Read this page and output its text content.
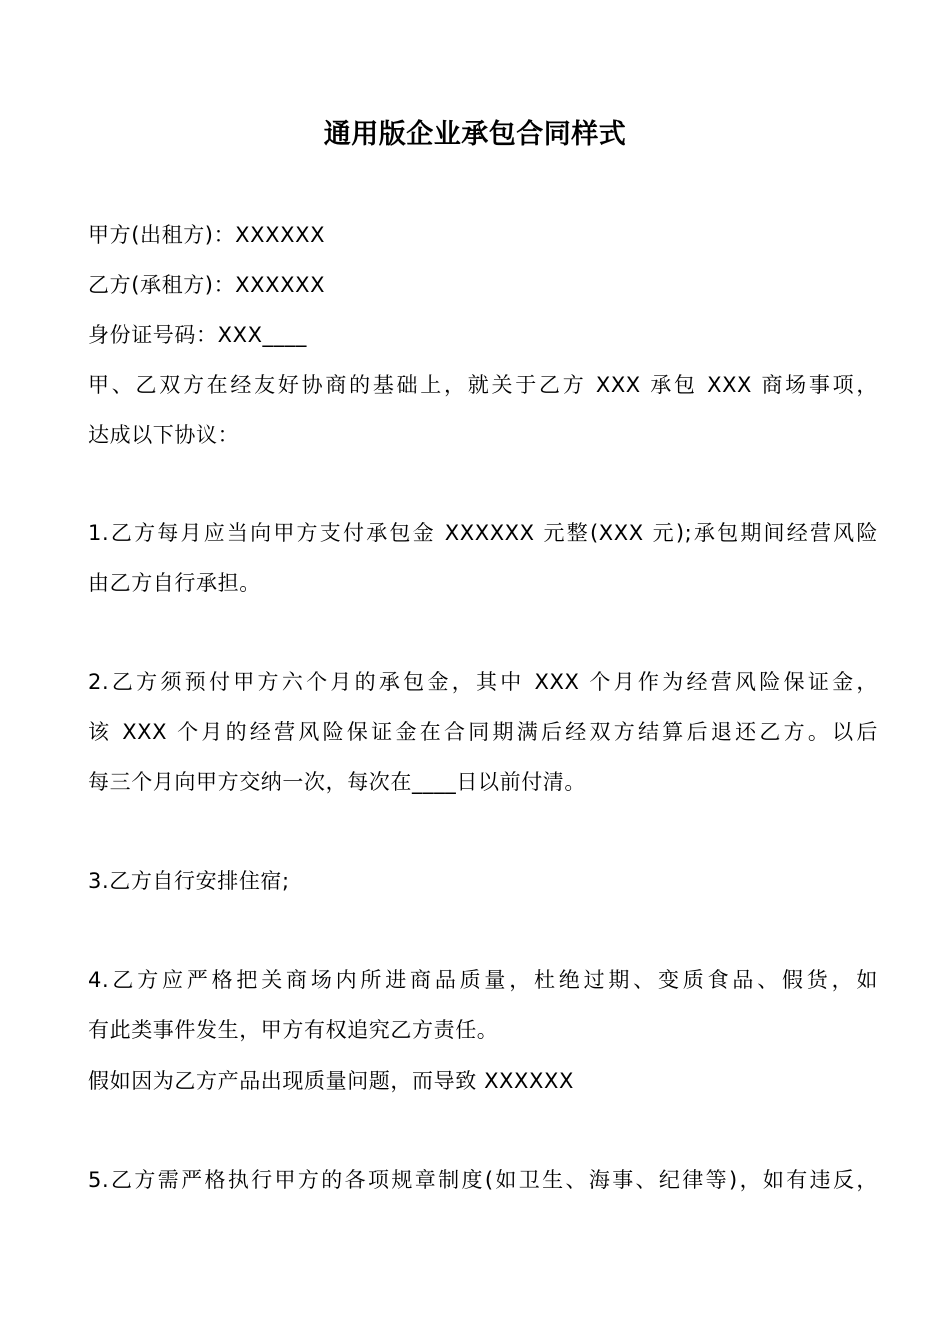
通用版企业承包合同样式
甲方(出租方)：XXXXXX
乙方(承租方)：XXXXXX
身份证号码：XXX____
甲、乙双方在经友好协商的基础上，就关于乙方 XXX 承包 XXX 商场事项，
达成以下协议：
1.乙方每月应当向甲方支付承包金 XXXXXX 元整(XXX 元);承包期间经营风险
由乙方自行承担。
2.乙方须预付甲方六个月的承包金，其中 XXX 个月作为经营风险保证金，
该 XXX 个月的经营风险保证金在合同期满后经双方结算后退还乙方。以后
每三个月向甲方交纳一次，每次在____日以前付清。
3.乙方自行安排住宿;
4.乙方应严格把关商场内所进商品质量，杜绝过期、变质食品、假货，如
有此类事件发生，甲方有权追究乙方责任。
假如因为乙方产品出现质量问题，而导致 XXXXXX
5.乙方需严格执行甲方的各项规章制度(如卫生、海事、纪律等)，如有违反，
